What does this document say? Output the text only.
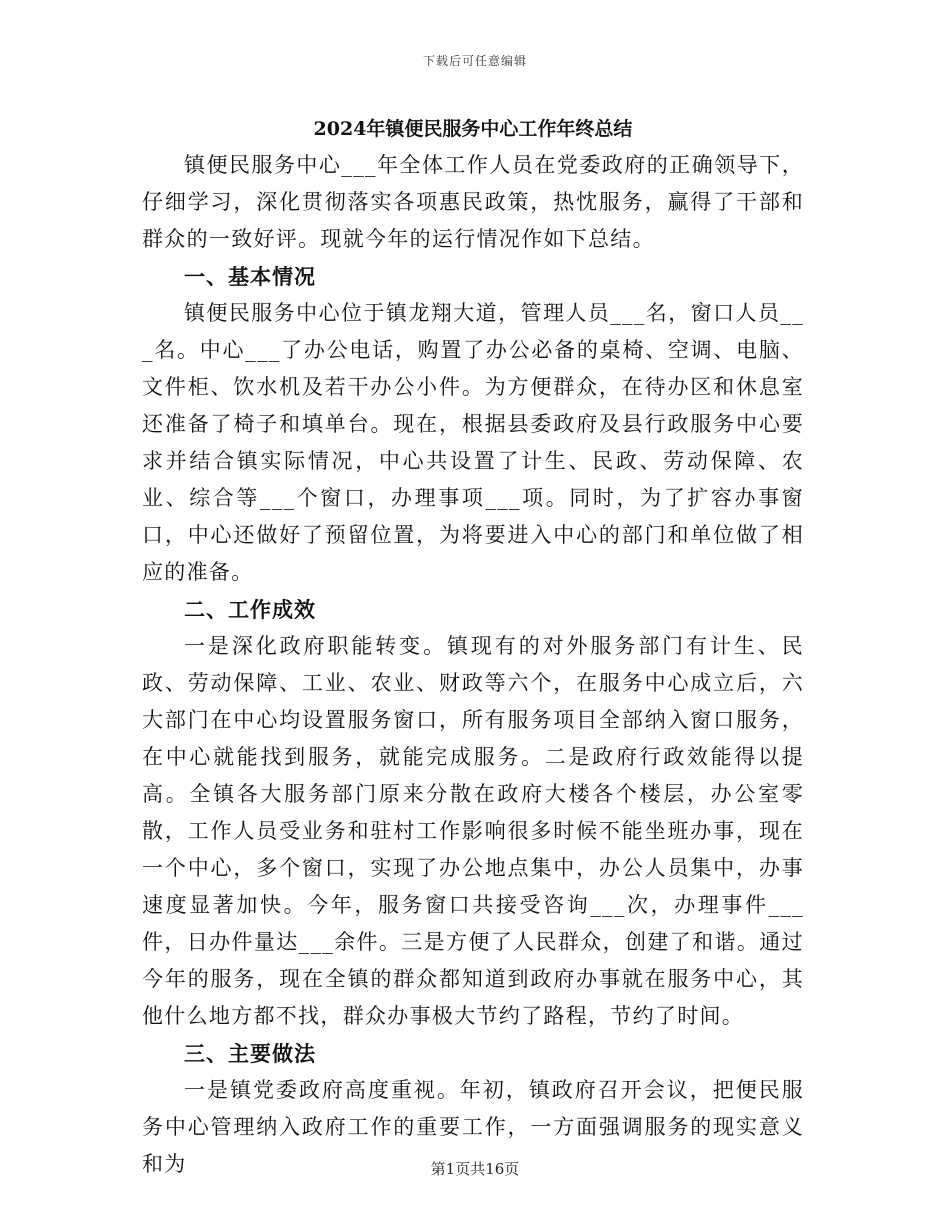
下载后可任意编辑
2024年镇便民服务中心工作年终总结

镇便民服务中心___年全体工作人员在党委政府的正确领导下，仔细学习，深化贯彻落实各项惠民政策，热忱服务，赢得了干部和群众的一致好评。现就今年的运行情况作如下总结。

一、基本情况

镇便民服务中心位于镇龙翔大道，管理人员___名，窗口人员___名。中心___了办公电话，购置了办公必备的桌椅、空调、电脑、文件柜、饮水机及若干办公小件。为方便群众，在待办区和休息室还准备了椅子和填单台。现在，根据县委政府及县行政服务中心要求并结合镇实际情况，中心共设置了计生、民政、劳动保障、农业、综合等___个窗口，办理事项___项。同时，为了扩容办事窗口，中心还做好了预留位置，为将要进入中心的部门和单位做了相应的准备。

二、工作成效

一是深化政府职能转变。镇现有的对外服务部门有计生、民政、劳动保障、工业、农业、财政等六个，在服务中心成立后，六大部门在中心均设置服务窗口，所有服务项目全部纳入窗口服务，在中心就能找到服务，就能完成服务。二是政府行政效能得以提高。全镇各大服务部门原来分散在政府大楼各个楼层，办公室零散，工作人员受业务和驻村工作影响很多时候不能坐班办事，现在一个中心，多个窗口，实现了办公地点集中，办公人员集中，办事速度显著加快。今年，服务窗口共接受咨询___次，办理事件___件，日办件量达___余件。三是方便了人民群众，创建了和谐。通过今年的服务，现在全镇的群众都知道到政府办事就在服务中心，其他什么地方都不找，群众办事极大节约了路程，节约了时间。

三、主要做法

一是镇党委政府高度重视。年初，镇政府召开会议，把便民服务中心管理纳入政府工作的重要工作，一方面强调服务的现实意义和为	第1页共16页
